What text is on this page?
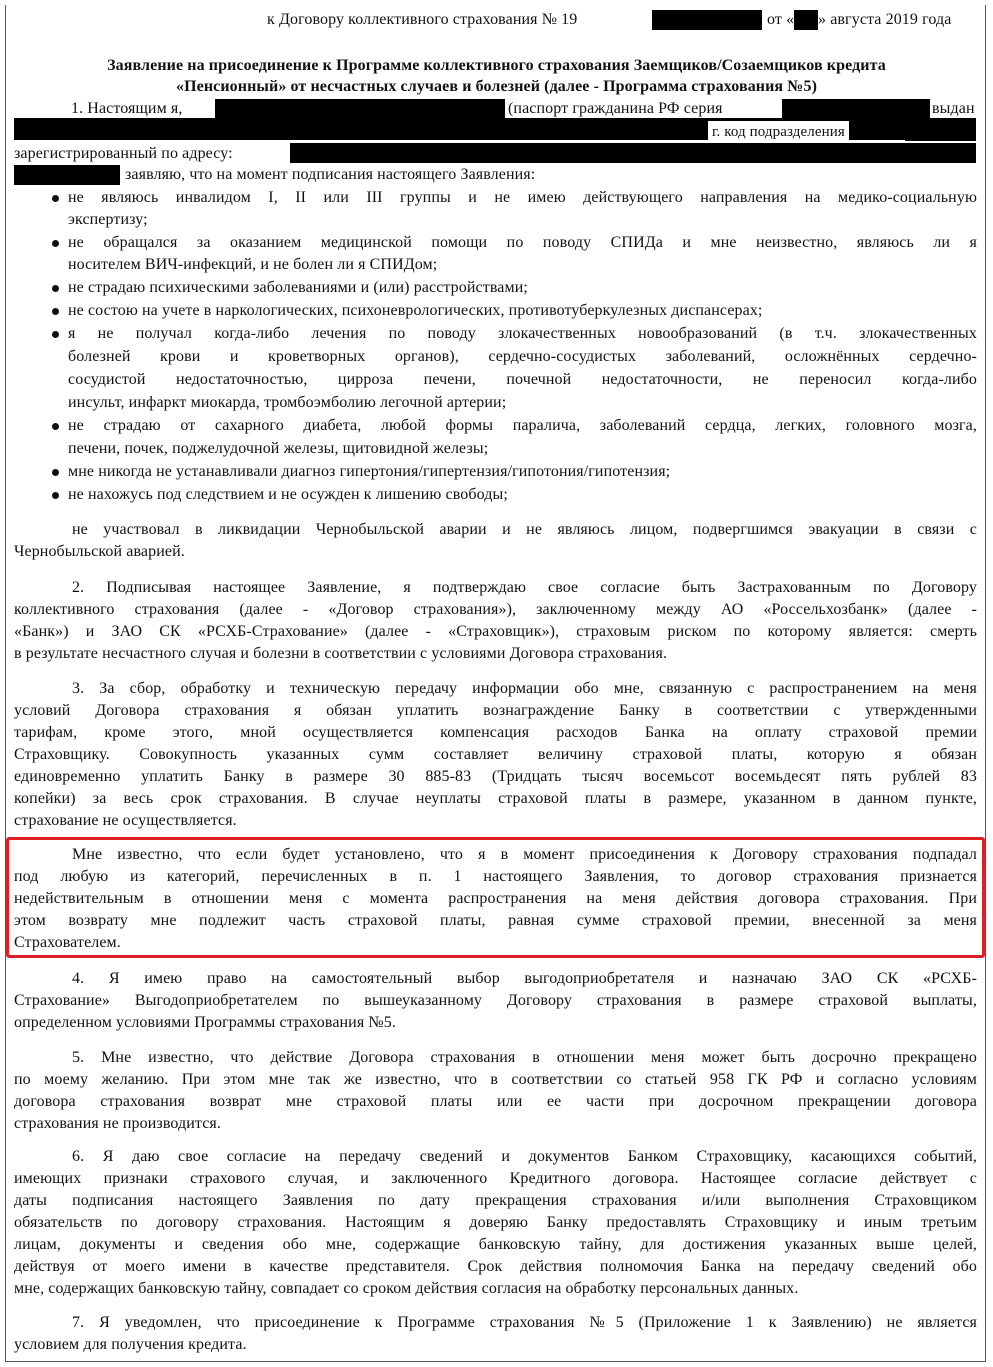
к Договору коллективного страхования № 19	от « » августа 2019 года
Заявление на присоединение к Программе коллективного страхования Заемщиков/Созаемщиков кредита
«Пенсионный» от несчастных случаев и болезней (далее - Программа страхования №5)
1. Настоящим я,	(паспорт гражданина РФ серия	выдан
г. код подразделения
зарегистрированный по адресу:
заявляю, что на момент подписания настоящего Заявления:
не являюсь инвалидом I, II или III группы и не имею действующего направления на медико-социальную
экспертизу;
не обращался за оказанием медицинской помощи по поводу СПИДа и мне неизвестно, являюсь ли я
носителем ВИЧ-инфекций, и не болен ли я СПИДом;
не страдаю психическими заболеваниями и (или) расстройствами;
не состою на учете в наркологических, психоневрологических, противотуберкулезных диспансерах;
я не получал когда-либо лечения по поводу злокачественных новообразований (в т.ч. злокачественных
болезней крови и кроветворных органов), сердечно-сосудистых заболеваний, осложнённых сердечно-
сосудистой недостаточностью, цирроза печени, почечной недостаточности, не переносил когда-либо
инсульт, инфаркт миокарда, тромбоэмболию легочной артерии;
не страдаю от сахарного диабета, любой формы паралича, заболеваний сердца, легких, головного мозга,
печени, почек, поджелудочной железы, щитовидной железы;
мне никогда не устанавливали диагноз гипертония/гипертензия/гипотония/гипотензия;
не нахожусь под следствием и не осужден к лишению свободы;
не участвовал в ликвидации Чернобыльской аварии и не являюсь лицом, подвергшимся эвакуации в связи с
Чернобыльской аварией.
2. Подписывая настоящее Заявление, я подтверждаю свое согласие быть Застрахованным по Договору
коллективного страхования (далее - «Договор страхования»), заключенному между АО «Россельхозбанк» (далее -
«Банк») и ЗАО СК «РСХБ-Страхование» (далее - «Страховщик»), страховым риском по которому является: смерть
в результате несчастного случая и болезни в соответствии с условиями Договора страхования.
3. За сбор, обработку и техническую передачу информации обо мне, связанную с распространением на меня
условий Договора страхования я обязан уплатить вознаграждение Банку в соответствии с утвержденными
тарифам, кроме этого, мной осуществляется компенсация расходов Банка на оплату страховой премии
Страховщику. Совокупность указанных сумм составляет величину страховой платы, которую я обязан
единовременно уплатить Банку в размере 30 885-83 (Тридцать тысяч восемьсот восемьдесят пять рублей 83
копейки) за весь срок страхования. В случае неуплаты страховой платы в размере, указанном в данном пункте,
страхование не осуществляется.
Мне известно, что если будет установлено, что я в момент присоединения к Договору страхования подпадал
под любую из категорий, перечисленных в п. 1 настоящего Заявления, то договор страхования признается
недействительным в отношении меня с момента распространения на меня действия договора страхования. При
этом возврату мне подлежит часть страховой платы, равная сумме страховой премии, внесенной за меня
Страхователем.
4. Я имею право на самостоятельный выбор выгодоприобретателя и назначаю ЗАО СК «РСХБ-
Страхование» Выгодоприобретателем по вышеуказанному Договору страхования в размере страховой выплаты,
определенном условиями Программы страхования №5.
5. Мне известно, что действие Договора страхования в отношении меня может быть досрочно прекращено
по моему желанию. При этом мне так же известно, что в соответствии со статьей 958 ГК РФ и согласно условиям
договора страхования возврат мне страховой платы или ее части при досрочном прекращении договора
страхования не производится.
6. Я даю свое согласие на передачу сведений и документов Банком Страховщику, касающихся событий,
имеющих признаки страхового случая, и заключенного Кредитного договора. Настоящее согласие действует с
даты подписания настоящего Заявления по дату прекращения страхования и/или выполнения Страховщиком
обязательств по договору страхования. Настоящим я доверяю Банку предоставлять Страховщику и иным третьим
лицам, документы и сведения обо мне, содержащие банковскую тайну, для достижения указанных выше целей,
действуя от моего имени в качестве представителя. Срок действия полномочия Банка на передачу сведений обо
мне, содержащих банковскую тайну, совпадает со сроком действия согласия на обработку персональных данных.
7. Я уведомлен, что присоединение к Программе страхования №5 (Приложение 1 к Заявлению) не является
условием для получения кредита.
